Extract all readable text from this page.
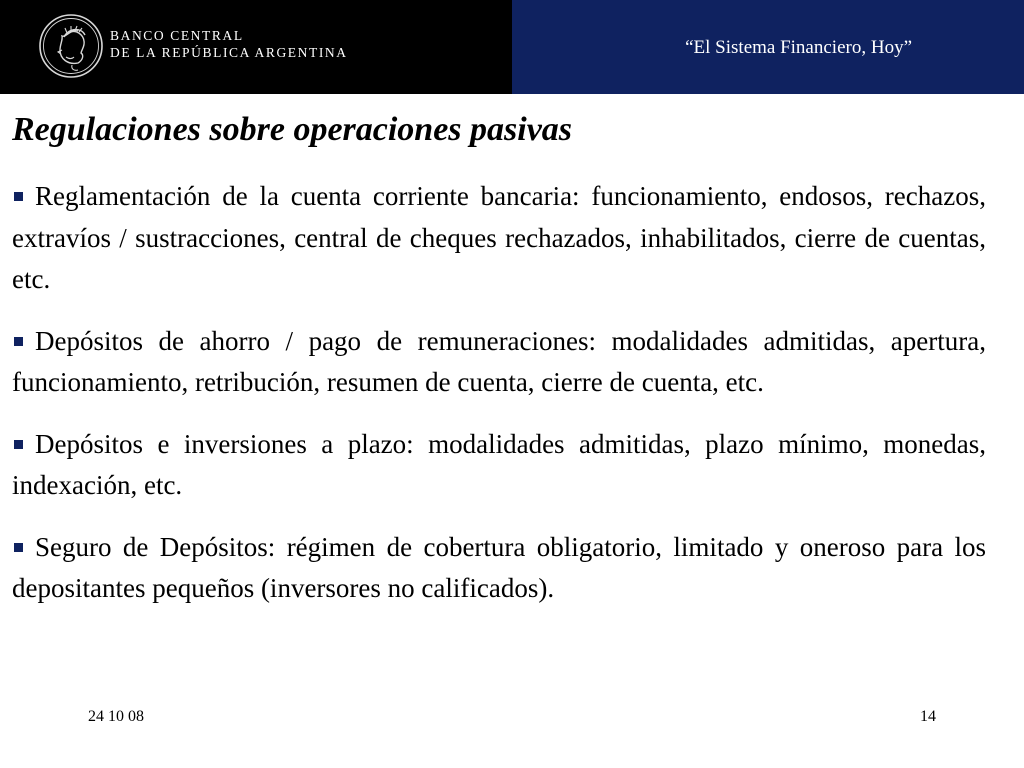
BANCO CENTRAL
DE LA REPÚBLICA ARGENTINA	“El Sistema Financiero, Hoy”
Regulaciones sobre operaciones pasivas
Reglamentación de la cuenta corriente bancaria: funcionamiento, endosos, rechazos, extravíos / sustracciones, central de cheques rechazados, inhabilitados, cierre de cuentas, etc.
Depósitos de ahorro / pago de remuneraciones: modalidades admitidas, apertura, funcionamiento, retribución, resumen de cuenta, cierre de cuenta, etc.
Depósitos e inversiones a plazo: modalidades admitidas, plazo mínimo, monedas, indexación, etc.
Seguro de Depósitos: régimen de cobertura obligatorio, limitado y oneroso para los depositantes pequeños (inversores no calificados).
24 10 08	14
